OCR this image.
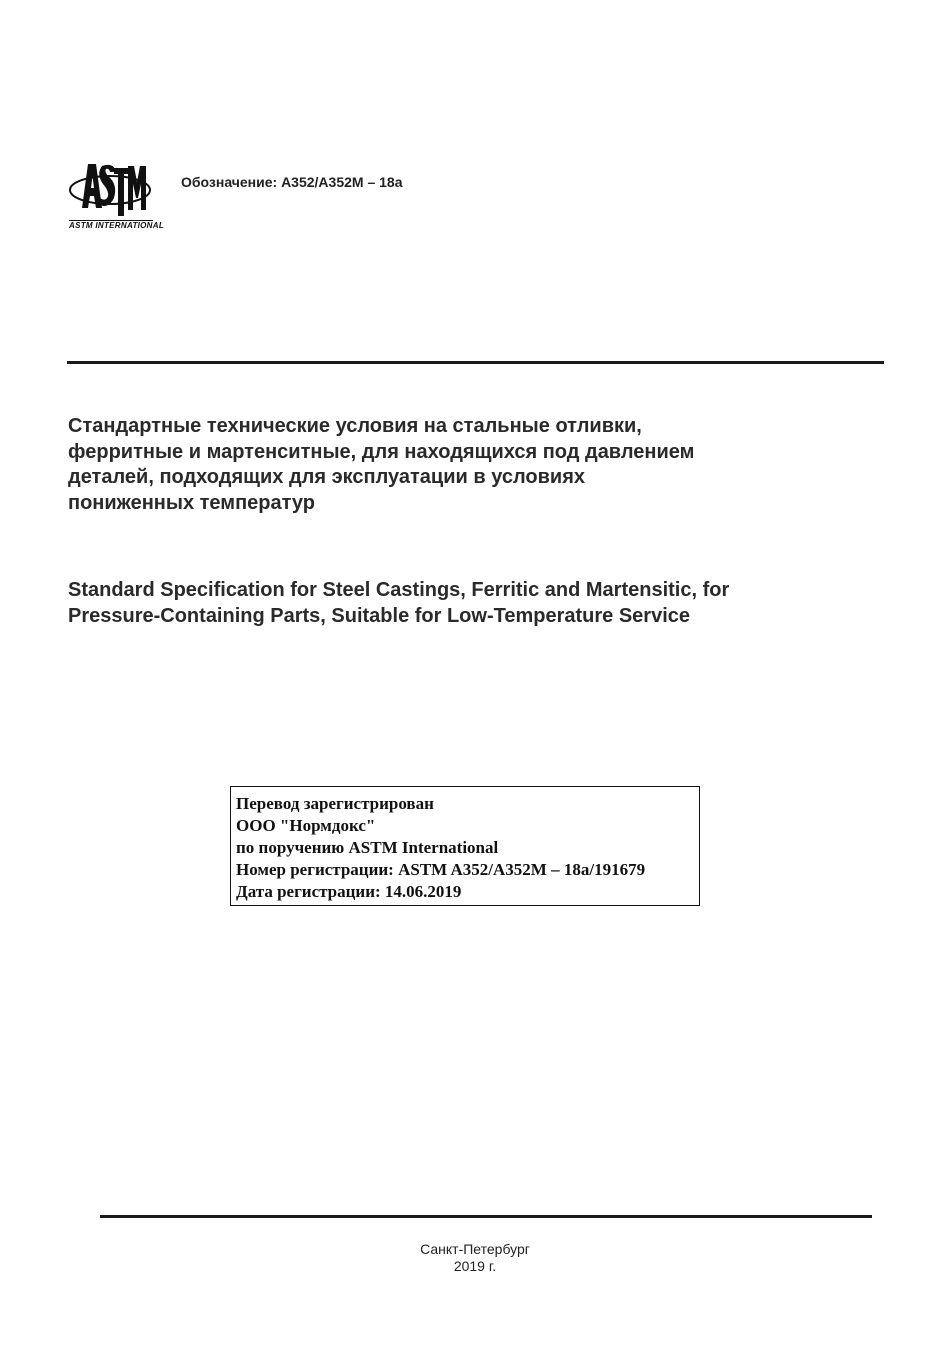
ASTM INTERNATIONAL
Обозначение: A352/A352M – 18a
Стандартные технические условия на стальные отливки,
ферритные и мартенситные, для находящихся под давлением
деталей, подходящих для эксплуатации в условиях
пониженных температур
Standard Specification for Steel Castings, Ferritic and Martensitic, for
Pressure-Containing Parts, Suitable for Low-Temperature Service
Перевод зарегистрирован
ООО "Нормдокс"
по поручению ASTM International
Номер регистрации: ASTM A352/A352M – 18a/191679
Дата регистрации: 14.06.2019
Санкт-Петербург
2019 г.
